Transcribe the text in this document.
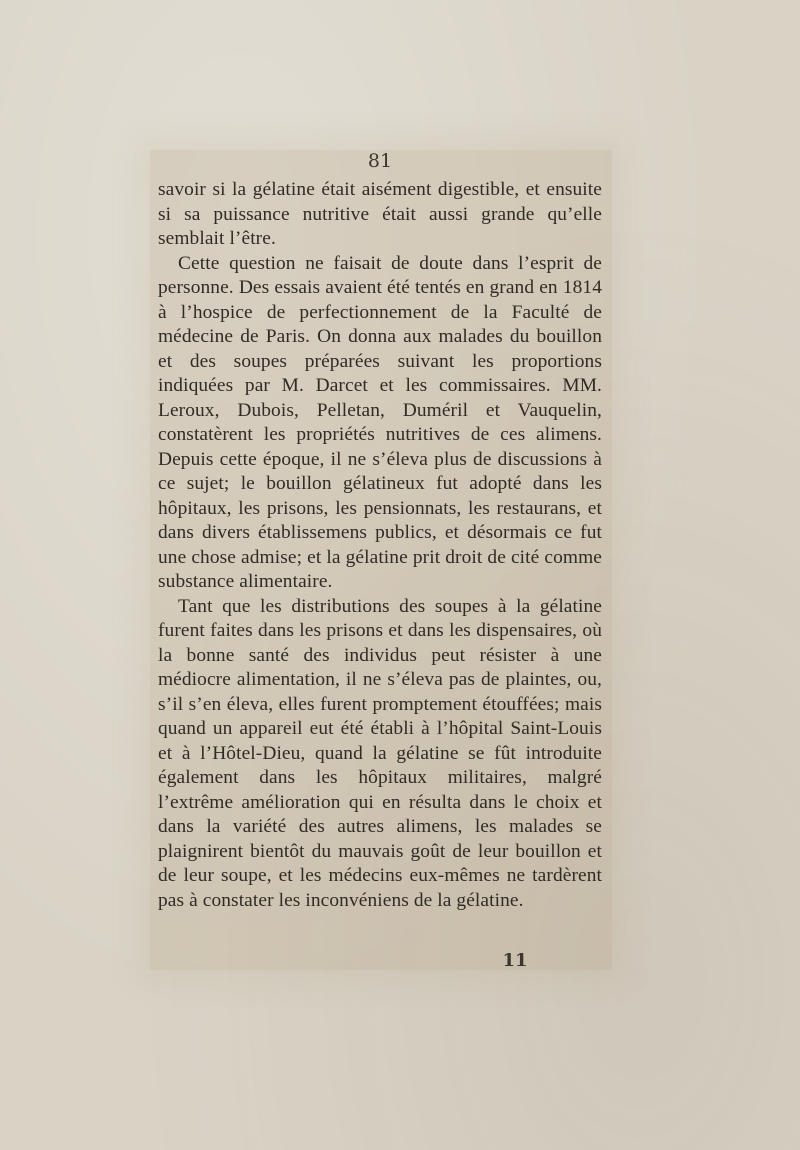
81

savoir si la gélatine était aisément digestible, et ensuite si sa puissance nutritive était aussi grande qu’elle semblait l’être.

Cette question ne faisait de doute dans l’esprit de personne. Des essais avaient été tentés en grand en 1814 à l’hospice de perfectionnement de la Faculté de médecine de Paris. On donna aux malades du bouillon et des soupes préparées suivant les proportions indiquées par M. Darcet et les commissaires. MM. Leroux, Dubois, Pelletan, Duméril et Vauquelin, constatèrent les propriétés nutritives de ces alimens. Depuis cette époque, il ne s’éleva plus de discussions à ce sujet; le bouillon gélatineux fut adopté dans les hôpitaux, les prisons, les pensionnats, les restaurans, et dans divers établissemens publics, et désormais ce fut une chose admise; et la gélatine prit droit de cité comme substance alimentaire.

Tant que les distributions des soupes à la gélatine furent faites dans les prisons et dans les dispensaires, où la bonne santé des individus peut résister à une médiocre alimentation, il ne s’éleva pas de plaintes, ou, s’il s’en éleva, elles furent promptement étouffées; mais quand un appareil eut été établi à l’hôpital Saint-Louis et à l’Hôtel-Dieu, quand la gélatine se fût introduite également dans les hôpitaux militaires, malgré l’extrême amélioration qui en résulta dans le choix et dans la variété des autres alimens, les malades se plaignirent bientôt du mauvais goût de leur bouillon et de leur soupe, et les médecins eux-mêmes ne tardèrent pas à constater les inconvéniens de la gélatine.

11
